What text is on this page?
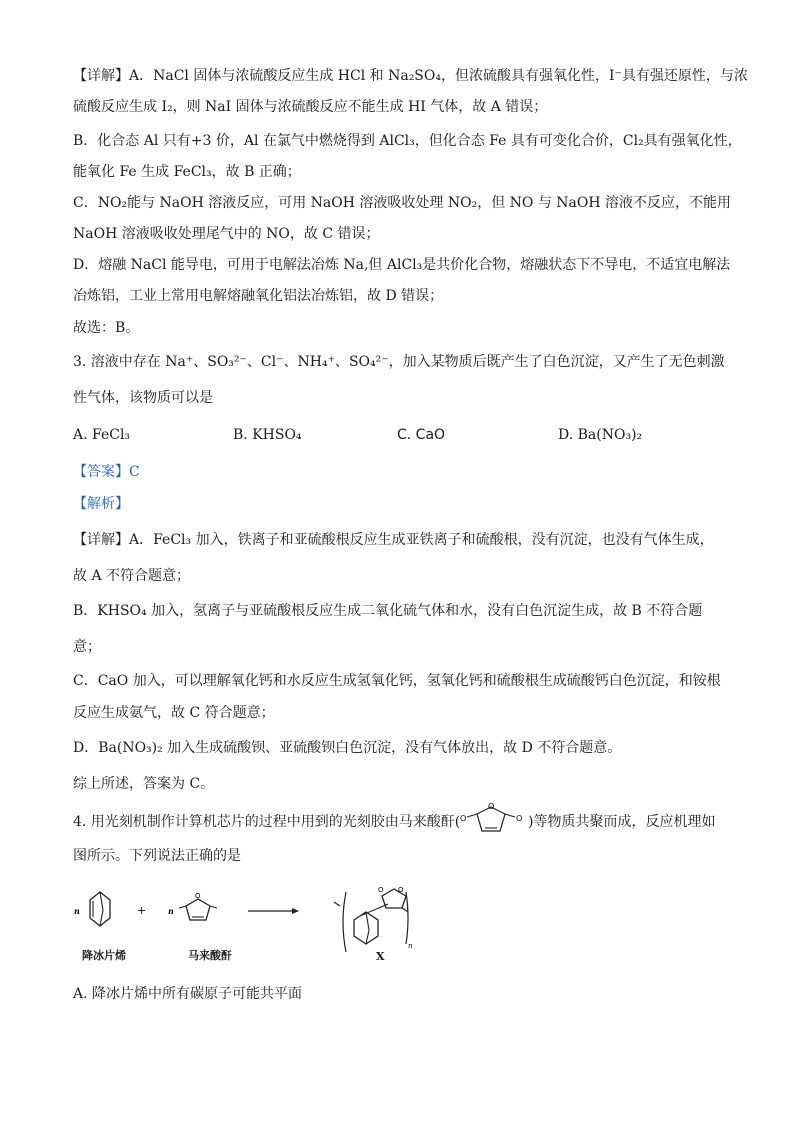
【详解】A．NaCl 固体与浓硫酸反应生成 HCl 和 Na₂SO₄，但浓硫酸具有强氧化性，I⁻具有强还原性，与浓
硫酸反应生成 I₂，则 NaI 固体与浓硫酸反应不能生成 HI 气体，故 A 错误；
B．化合态 Al 只有+3 价，Al 在氯气中燃烧得到 AlCl₃，但化合态 Fe 具有可变化合价，Cl₂具有强氧化性，
能氧化 Fe 生成 FeCl₃，故 B 正确；
C．NO₂能与 NaOH 溶液反应，可用 NaOH 溶液吸收处理 NO₂，但 NO 与 NaOH 溶液不反应，不能用
NaOH 溶液吸收处理尾气中的 NO，故 C 错误；
D．熔融 NaCl 能导电，可用于电解法冶炼 Na,但 AlCl₃是共价化合物，熔融状态下不导电，不适宜电解法
冶炼铝，工业上常用电解熔融氧化铝法冶炼铝，故 D 错误；
故选：B。
3. 溶液中存在 Na⁺、SO₃²⁻、Cl⁻、NH₄⁺、SO₄²⁻，加入某物质后既产生了白色沉淀，又产生了无色刺激
性气体，该物质可以是
A. FeCl₃	B. KHSO₄	C. CaO	D. Ba(NO₃)₂
【答案】C
【解析】
【详解】A．FeCl₃ 加入，铁离子和亚硫酸根反应生成亚铁离子和硫酸根，没有沉淀，也没有气体生成，
故 A 不符合题意；
B．KHSO₄ 加入，氢离子与亚硫酸根反应生成二氧化硫气体和水，没有白色沉淀生成，故 B 不符合题
意；
C．CaO 加入，可以理解氧化钙和水反应生成氢氧化钙，氢氧化钙和硫酸根生成硫酸钙白色沉淀，和铵根
反应生成氨气，故 C 符合题意；
D．Ba(NO₃)₂ 加入生成硫酸钡、亚硫酸钡白色沉淀，没有气体放出，故 D 不符合题意。
综上所述，答案为 C。
4. 用光刻机制作计算机芯片的过程中用到的光刻胶由马来酸酐(
O
O	O )等物质共聚而成，反应机理如
图所示。下列说法正确的是
n	+	n
O
O O
n
降冰片烯	马来酸酐	X
A. 降冰片烯中所有碳原子可能共平面
